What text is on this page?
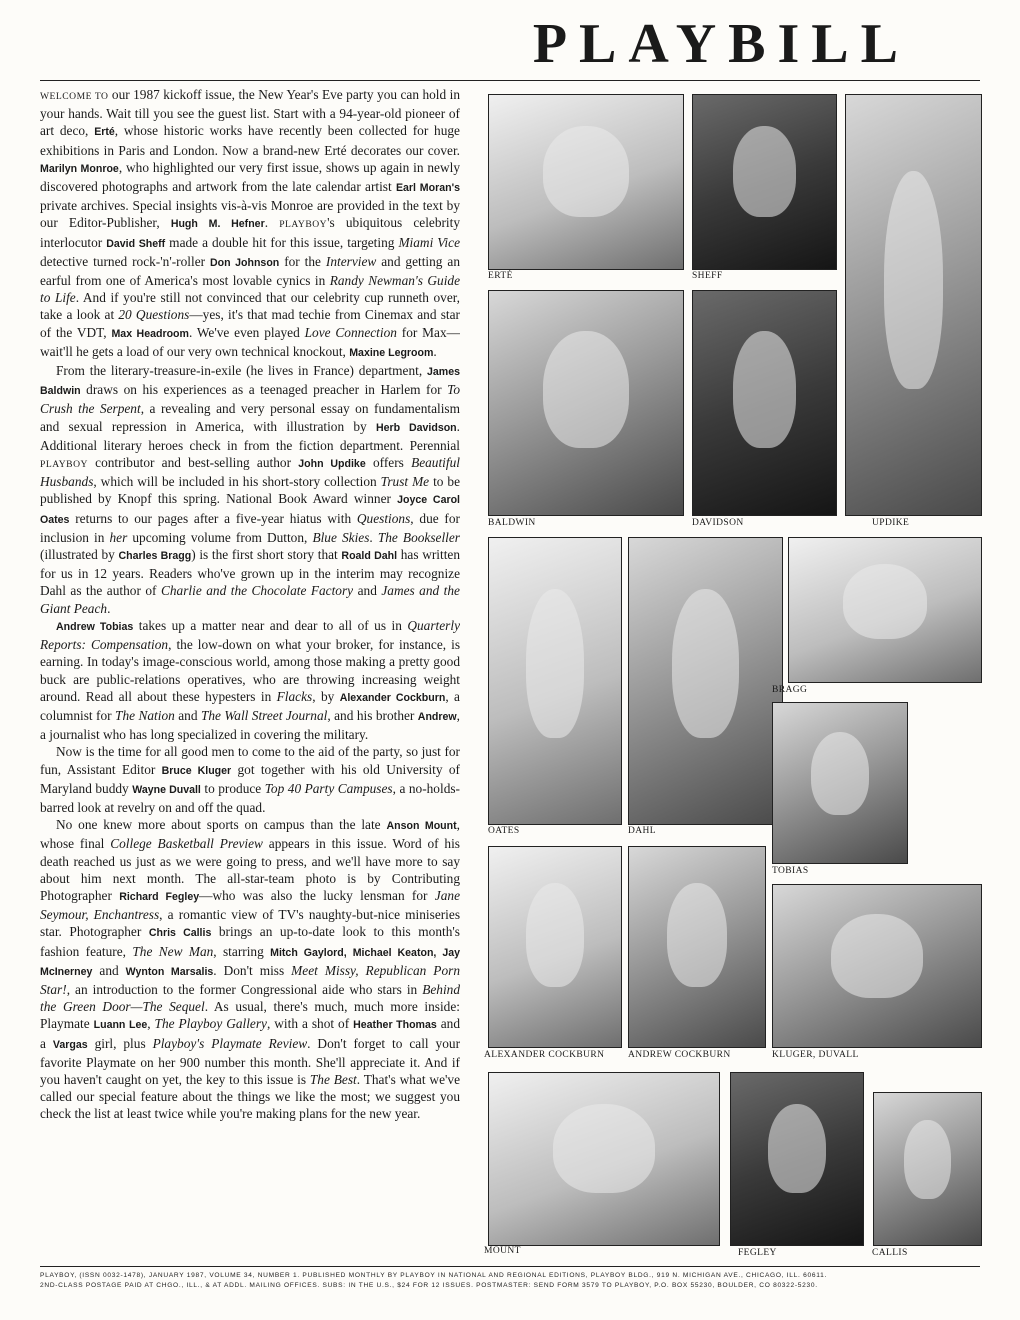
PLAYBILL

WELCOME TO our 1987 kickoff issue, the New Year's Eve party you can hold in your hands. Wait till you see the guest list. Start with a 94-year-old pioneer of art deco, Erté, whose historic works have recently been collected for huge exhibitions in Paris and London. Now a brand-new Erté decorates our cover. Marilyn Monroe, who highlighted our very first issue, shows up again in newly discovered photographs and artwork from the late calendar artist Earl Moran's private archives. Special insights vis-à-vis Monroe are provided in the text by our Editor-Publisher, Hugh M. Hefner. PLAYBOY's ubiquitous celebrity interlocutor David Sheff made a double hit for this issue, targeting Miami Vice detective turned rock-'n'-roller Don Johnson for the Interview and getting an earful from one of America's most lovable cynics in Randy Newman's Guide to Life. And if you're still not convinced that our celebrity cup runneth over, take a look at 20 Questions—yes, it's that mad techie from Cinemax and star of the VDT, Max Headroom. We've even played Love Connection for Max—wait'll he gets a load of our very own technical knockout, Maxine Legroom.

From the literary-treasure-in-exile (he lives in France) department, James Baldwin draws on his experiences as a teenaged preacher in Harlem for To Crush the Serpent, a revealing and very personal essay on fundamentalism and sexual repression in America, with illustration by Herb Davidson. Additional literary heroes check in from the fiction department. Perennial PLAYBOY contributor and best-selling author John Updike offers Beautiful Husbands, which will be included in his short-story collection Trust Me to be published by Knopf this spring. National Book Award winner Joyce Carol Oates returns to our pages after a five-year hiatus with Questions, due for inclusion in her upcoming volume from Dutton, Blue Skies. The Bookseller (illustrated by Charles Bragg) is the first short story that Roald Dahl has written for us in 12 years. Readers who've grown up in the interim may recognize Dahl as the author of Charlie and the Chocolate Factory and James and the Giant Peach.

Andrew Tobias takes up a matter near and dear to all of us in Quarterly Reports: Compensation, the low-down on what your broker, for instance, is earning. In today's image-conscious world, among those making a pretty good buck are public-relations operatives, who are throwing increasing weight around. Read all about these hypesters in Flacks, by Alexander Cockburn, a columnist for The Nation and The Wall Street Journal, and his brother Andrew, a journalist who has long specialized in covering the military.

Now is the time for all good men to come to the aid of the party, so just for fun, Assistant Editor Bruce Kluger got together with his old University of Maryland buddy Wayne Duvall to produce Top 40 Party Campuses, a no-holds-barred look at revelry on and off the quad.

No one knew more about sports on campus than the late Anson Mount, whose final College Basketball Preview appears in this issue. Word of his death reached us just as we were going to press, and we'll have more to say about him next month. The all-star-team photo is by Contributing Photographer Richard Fegley—who was also the lucky lensman for Jane Seymour, Enchantress, a romantic view of TV's naughty-but-nice miniseries star. Photographer Chris Callis brings an up-to-date look to this month's fashion feature, The New Man, starring Mitch Gaylord, Michael Keaton, Jay McInerney and Wynton Marsalis. Don't miss Meet Missy, Republican Porn Star!, an introduction to the former Congressional aide who stars in Behind the Green Door—The Sequel. As usual, there's much, much more inside: Playmate Luann Lee, The Playboy Gallery, with a shot of Heather Thomas and a Vargas girl, plus Playboy's Playmate Review. Don't forget to call your favorite Playmate on her 900 number this month. She'll appreciate it. And if you haven't caught on yet, the key to this issue is The Best. That's what we've called our special feature about the things we like the most; we suggest you check the list at least twice while you're making plans for the new year.

ERTÉ	SHEFF
UPDIKE
BALDWIN	DAVIDSON
OATES	DAHL
BRAGG
TOBIAS
ALEXANDER COCKBURN ANDREW COCKBURN	KLUGER, DUVALL
MOUNT	FEGLEY	CALLIS
PLAYBOY, (ISSN 0032-1478), JANUARY 1987, VOLUME 34, NUMBER 1. PUBLISHED MONTHLY BY PLAYBOY IN NATIONAL AND REGIONAL EDITIONS, PLAYBOY BLDG., 919 N. MICHIGAN AVE., CHICAGO, ILL. 60611.
2ND-CLASS POSTAGE PAID AT CHGO., ILL., & AT ADDL. MAILING OFFICES. SUBS: IN THE U.S., $24 FOR 12 ISSUES. POSTMASTER: SEND FORM 3579 TO PLAYBOY, P.O. BOX 55230, BOULDER, CO 80322-5230.
